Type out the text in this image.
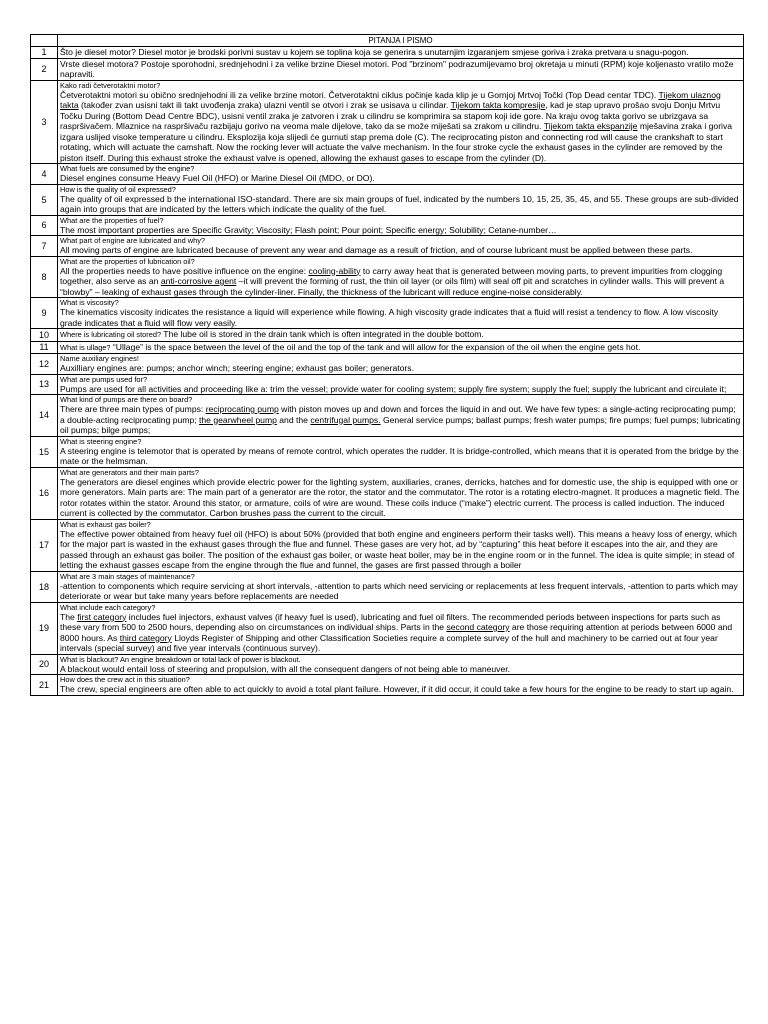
	PITANJA I PISMO
1	Što je diesel motor? Diesel motor je brodski porivni sustav u kojem se toplina koja se generira s unutarnjim izgaranjem smjese goriva i zraka pretvara u snagu-pogon.
2	Vrste diesel motora? Postoje sporohodni, srednjehodni i za velike brzine Diesel motori. Pod "brzinom" podrazumijevamo broj okretaja u minuti (RPM) koje koljenasto vratilo može napraviti.
3	Kako radi četverotaktni motor?
Četverotaktni motori su obično srednjehodni ili za velike brzine motori. Četverotaktni ciklus počinje kada klip je u Gornjoj Mrtvoj Točki (Top Dead centar TDC). Tijekom ulaznog takta (također zvan usisni takt ili takt uvođenja zraka) ulazni ventil se otvori i zrak se usisava u cilindar. Tijekom takta kompresije, kad je stap upravo prošao svoju Donju Mrtvu Točku During (Bottom Dead Centre BDC), usisni ventil zraka je zatvoren i zrak u cilindru se komprimira sa stapom koji ide gore. Na kraju ovog takta gorivo se ubrizgava sa raspršivačem. Mlaznice na raspršivaču razbijaju gorivo na veoma male dijelove, tako da se može miješati sa zrakom u cilindru. Tijekom takta ekspanzije mješavina zraka i goriva izgara uslijed visoke temperature u cilindru. Eksplozija koja slijedi će gurnuti stap prema dole (C). The reciprocating piston and connecting rod will cause the crankshaft to start rotating, which will actuate the camshaft. Now the rocking lever will actuate the valve mechanism. In the four stroke cycle the exhaust gases in the cylinder are removed by the piston itself. During this exhaust stroke the exhaust valve is opened, allowing the exhaust gases to escape from the cylinder (D).
4	What fuels are consumed by the engine?
Diesel engines consume Heavy Fuel Oil (HFO) or Marine Diesel Oil (MDO, or DO).
5	How is the quality of oil expressed?
The quality of oil expressed b the international ISO-standard. There are six main groups of fuel, indicated by the numbers 10, 15, 25, 35, 45, and 55. These groups are sub-divided again into groups that are indicated by the letters which indicate the quality of the fuel.
6	What are the properties of fuel?
The most important properties are Specific Gravity; Viscosity; Flash point; Pour point; Specific energy; Solubility; Cetane-number…
7	What part of engine are lubricated and why?
All moving parts of engine are lubricated because of prevent any wear and damage as a result of friction, and of course lubricant must be applied between these parts.
8	What are the properties of lubrication oil?
All the properties needs to have positive influence on the engine: cooling-ability to carry away heat that is generated between moving parts, to prevent impurities from clogging together, also serve as an anti-corrosive agent –it will prevent the forming of rust, the thin oil layer (or oils film) will seal off pit and scratches in cylinder walls. This will prevent a “blowby” – leaking of exhaust gases through the cylinder-liner. Finally, the thickness of the lubricant will reduce engine-noise considerably.
9	What is viscosity?
The kinematics viscosity indicates the resistance a liquid will experience while flowing. A high viscosity grade indicates that a fluid will resist a tendency to flow. A low viscosity grade indicates that a fluid will flow very easily.
10	Where is lubricating oil stored? The lube oil is stored in the drain tank which is often integrated in the double bottom.
11	What is ullage? “Ullage” is the space between the level of the oil and the top of the tank and will allow for the expansion of the oil when the engine gets hot.
12	Name auxiliary engines!
Auxilliary engines are: pumps; anchor winch; steering engine; exhaust gas boiler; generators.
13	What are pumps used for?
Pumps are used for all activities and proceeding like a: trim the vessel; provide water for cooling system; supply fire system; supply the fuel; supply the lubricant and circulate it;
14	What kind of pumps are there on board?
There are three main types of pumps: reciprocating pump with piston moves up and down and forces the liquid in and out. We have few types: a single-acting reciprocating pump; a double-acting reciprocating pump; the gearwheel pump and the centrifugal pumps. General service pumps; ballast pumps; fresh water pumps; fire pumps; fuel pumps; lubricating oil pumps; bilge pumps;
15	What is steering engine?
A steering engine is telemotor that is operated by means of remote control, which operates the rudder. It is bridge-controlled, which means that it is operated from the bridge by the mate or the helmsman.
16	What are generators and their main parts?
The generators are diesel engines which provide electric power for the lighting system, auxiliaries, cranes, derricks, hatches and for domestic use, the ship is equipped with one or more generators. Main parts are: The main part of a generator are the rotor, the stator and the commutator. The rotor is a rotating electro-magnet. It produces a magnetic field. The rotor rotates within the stator. Around this stator, or armature, coils of wire are wound. These coils induce (“make”) electric current. The process is called induction. The induced current is collected by the commutator. Carbon brushes pass the current to the circuit.
17	What is exhaust gas boiler?
The effective power obtained from heavy fuel oil (HFO) is about 50% (provided that both engine and engineers perform their tasks well). This means a heavy loss of energy, which for the major part is wasted in the exhaust gases through the flue and funnel. These gases are very hot, ad by “capturing” this heat before it escapes into the air, and they are passed through an exhaust gas boiler. The position of the exhaust gas boiler, or waste heat boiler, may be in the engine room or in the funnel. The idea is quite simple; in stead of letting the exhaust gasses escape from the engine through the flue and funnel, the gases are first passed through a boiler
18	What are 3 main stages of maintenance?
-attention to components which require servicing at short intervals, -attention to parts which need servicing or replacements at less frequent intervals, -attention to parts which may deteriorate or wear but take many years before replacements are needed
19	What include each category?
The first category includes fuel injectors, exhaust valves (if heavy fuel is used), lubricating and fuel oil filters. The recommended periods between inspections for parts such as these vary from 500 to 2500 hours, depending also on circumstances on individual ships. Parts in the second category are those requiring attention at periods between 6000 and 8000 hours. As third category Lloyds Register of Shipping and other Classification Societies require a complete survey of the hull and machinery to be carried out at four year intervals (special survey) and five year intervals (continuous survey).
20	What is blackout? An engine breakdown or total lack of power is blackout.
A blackout would entail loss of steering and propulsion, with all the consequent dangers of not being able to maneuver.
21	How does the crew act in this situation?
The crew, special engineers are often able to act quickly to avoid a total plant failure. However, if it did occur, it could take a few hours for the engine to be ready to start up again.
